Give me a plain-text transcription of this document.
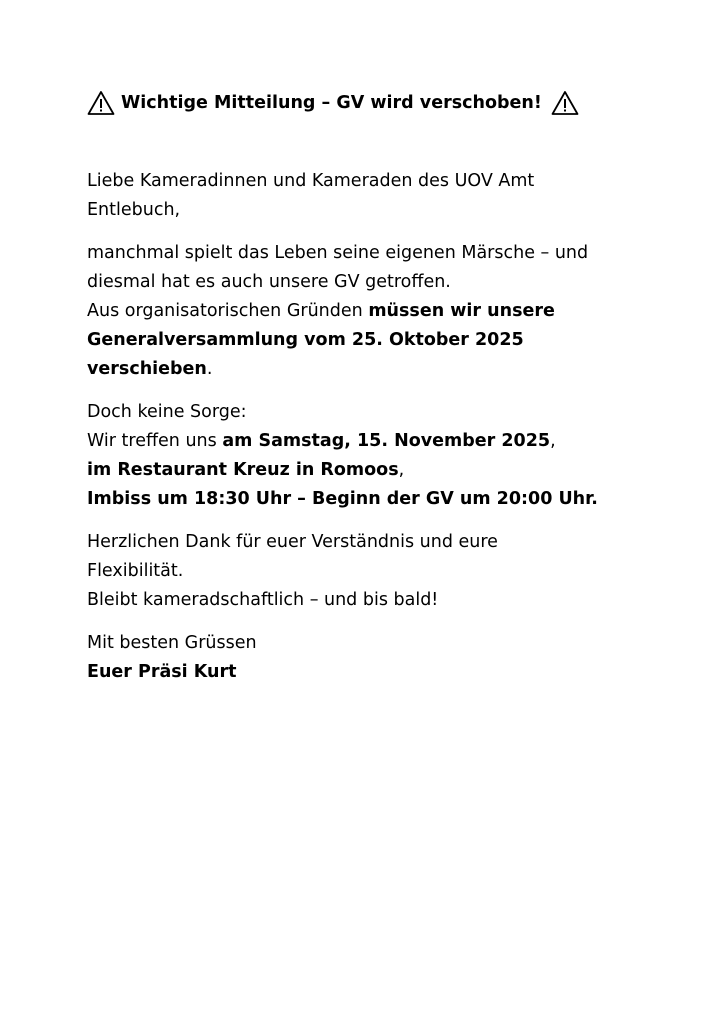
Wichtige Mitteilung – GV wird verschoben!

Liebe Kameradinnen und Kameraden des UOV Amt
Entlebuch,

manchmal spielt das Leben seine eigenen Märsche – und
diesmal hat es auch unsere GV getroffen.
Aus organisatorischen Gründen müssen wir unsere
Generalversammlung vom 25. Oktober 2025
verschieben.

Doch keine Sorge:
Wir treffen uns am Samstag, 15. November 2025,
im Restaurant Kreuz in Romoos,
Imbiss um 18:30 Uhr – Beginn der GV um 20:00 Uhr.

Herzlichen Dank für euer Verständnis und eure
Flexibilität.
Bleibt kameradschaftlich – und bis bald!

Mit besten Grüssen
Euer Präsi Kurt
